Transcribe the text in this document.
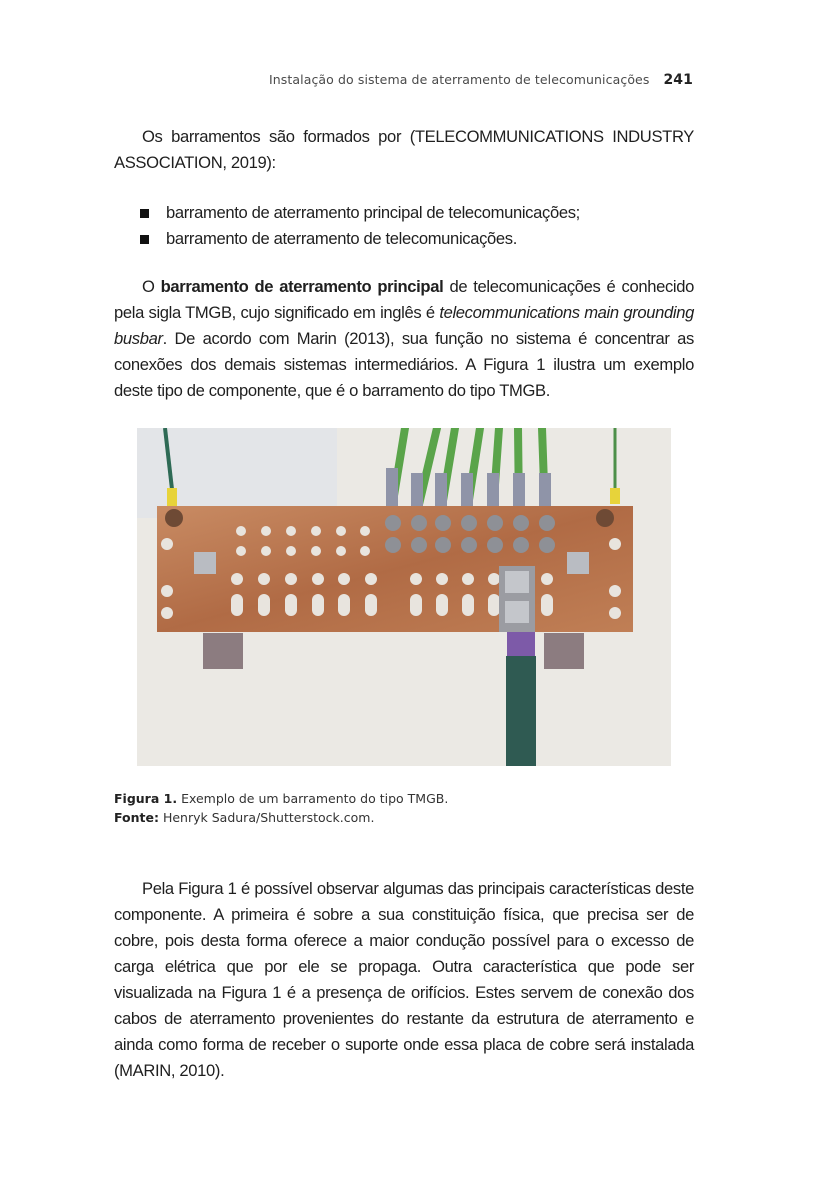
Instalação do sistema de aterramento de telecomunicações 241

Os barramentos são formados por (TELECOMMUNICATIONS INDUSTRY ASSOCIATION, 2019):

barramento de aterramento principal de telecomunicações;
barramento de aterramento de telecomunicações.

O barramento de aterramento principal de telecomunicações é conhecido pela sigla TMGB, cujo significado em inglês é telecommunications main grounding busbar. De acordo com Marin (2013), sua função no sistema é concentrar as conexões dos demais sistemas intermediários. A Figura 1 ilustra um exemplo deste tipo de componente, que é o barramento do tipo TMGB.

Figura 1. Exemplo de um barramento do tipo TMGB.
Fonte: Henryk Sadura/Shutterstock.com.

Pela Figura 1 é possível observar algumas das principais características deste componente. A primeira é sobre a sua constituição física, que precisa ser de cobre, pois desta forma oferece a maior condução possível para o excesso de carga elétrica que por ele se propaga. Outra característica que pode ser visualizada na Figura 1 é a presença de orifícios. Estes servem de conexão dos cabos de aterramento provenientes do restante da estrutura de aterramento e ainda como forma de receber o suporte onde essa placa de cobre será instalada (MARIN, 2010).
